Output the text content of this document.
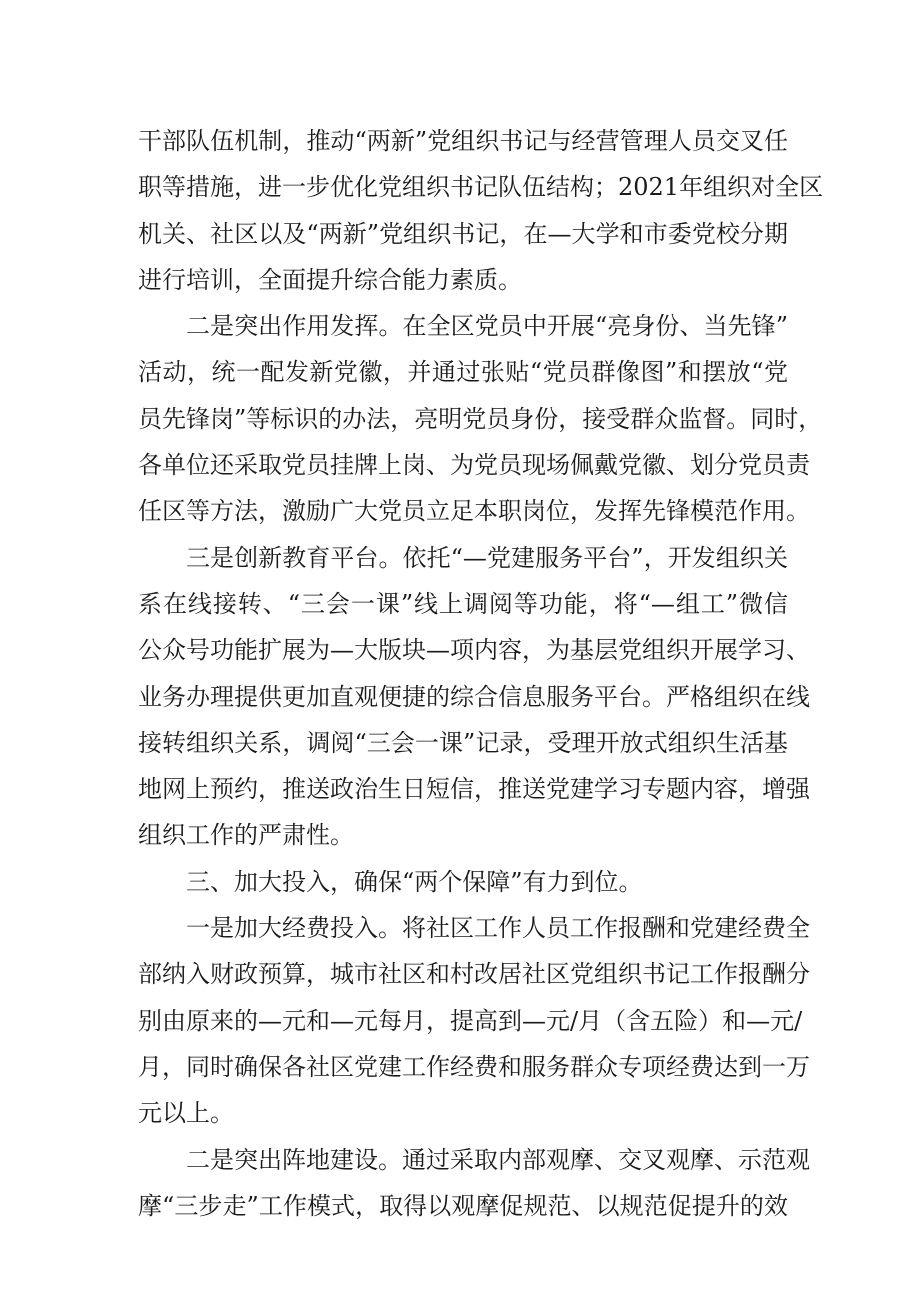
干部队伍机制，推动“两新”党组织书记与经营管理人员交叉任
职等措施，进一步优化党组织书记队伍结构；2021年组织对全区
机关、社区以及“两新”党组织书记，在—大学和市委党校分期
进行培训，全面提升综合能力素质。
二是突出作用发挥。在全区党员中开展“亮身份、当先锋”
活动，统一配发新党徽，并通过张贴“党员群像图”和摆放“党
员先锋岗”等标识的办法，亮明党员身份，接受群众监督。同时，
各单位还采取党员挂牌上岗、为党员现场佩戴党徽、划分党员责
任区等方法，激励广大党员立足本职岗位，发挥先锋模范作用。
三是创新教育平台。依托“—党建服务平台”，开发组织关
系在线接转、“三会一课”线上调阅等功能，将“—组工”微信
公众号功能扩展为—大版块—项内容，为基层党组织开展学习、
业务办理提供更加直观便捷的综合信息服务平台。严格组织在线
接转组织关系，调阅“三会一课”记录，受理开放式组织生活基
地网上预约，推送政治生日短信，推送党建学习专题内容，增强
组织工作的严肃性。
三、加大投入，确保“两个保障”有力到位。
一是加大经费投入。将社区工作人员工作报酬和党建经费全
部纳入财政预算，城市社区和村改居社区党组织书记工作报酬分
别由原来的—元和—元每月，提高到—元/月（含五险）和—元/
月，同时确保各社区党建工作经费和服务群众专项经费达到一万
元以上。
二是突出阵地建设。通过采取内部观摩、交叉观摩、示范观
摩“三步走”工作模式，取得以观摩促规范、以规范促提升的效
